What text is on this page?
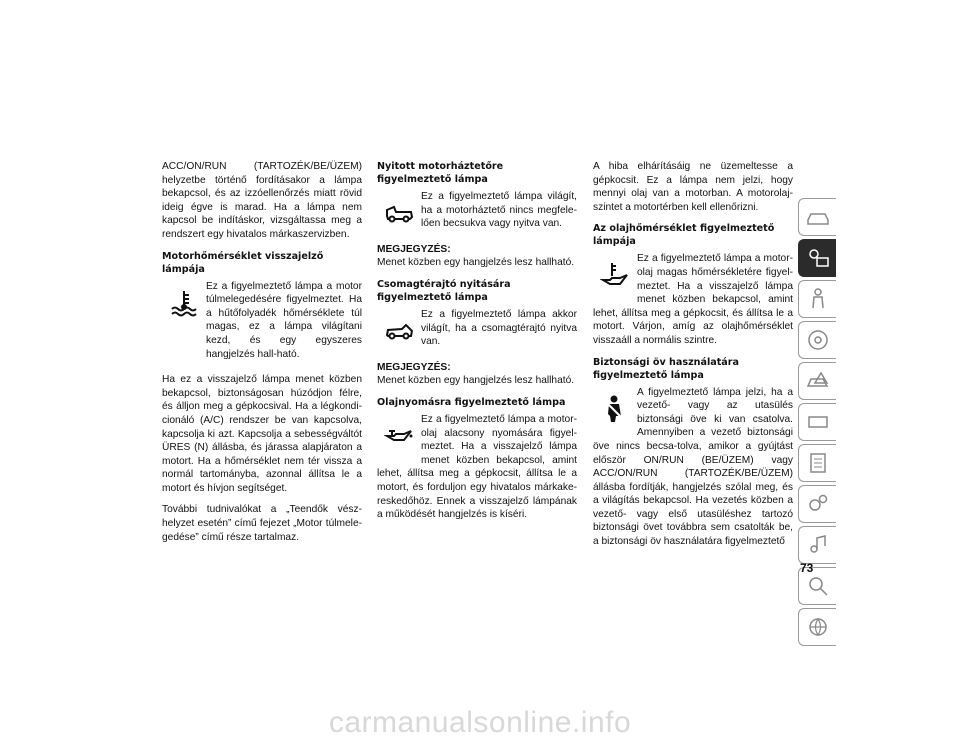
ACC/ON/RUN (TARTOZÉK/BE/ÜZEM) helyzetbe történő fordításakor a lámpa bekapcsol, és az izzóellenőrzés miatt rövid ideig égve is marad. Ha a lámpa nem kapcsol be indításkor, vizsgáltassa meg a rendszert egy hivatalos márkaszervizben.

Motorhőmérséklet visszajelző lámpája

Ez a figyelmeztető lámpa a motor túlmelegedésére figyelmeztet. Ha a hűtőfolyadék hőmérséklete túl magas, ez a lámpa világítani kezd, és egy egyszeres hangjelzés hall-ható.

Ha ez a visszajelző lámpa menet közben bekapcsol, biztonságosan húzódjon félre, és álljon meg a gépkocsival. Ha a légkondi-cionáló (A/C) rendszer be van kapcsolva, kapcsolja ki azt. Kapcsolja a sebességváltót ÜRES (N) állásba, és járassa alapjáraton a motort. Ha a hőmérséklet nem tér vissza a normál tartományba, azonnal állítsa le a motort és hívjon segítséget.

További tudnivalókat a „Teendők vész-helyzet esetén” című fejezet „Motor túlmele-gedése” című része tartalmaz.

Nyitott motorháztetőre figyelmeztető lámpa

Ez a figyelmeztető lámpa világít, ha a motorháztető nincs megfele-lően becsukva vagy nyitva van.

MEGJEGYZÉS:

Menet közben egy hangjelzés lesz hallható.

Csomagtérajtó nyitására figyelmeztető lámpa

Ez a figyelmeztető lámpa akkor világít, ha a csomagtérajtó nyitva van.

MEGJEGYZÉS:

Menet közben egy hangjelzés lesz hallható.

Olajnyomásra figyelmeztető lámpa

Ez a figyelmeztető lámpa a motor-olaj alacsony nyomására figyel-meztet. Ha a visszajelző lámpa menet közben bekapcsol, amint lehet, állítsa meg a gépkocsit, állítsa le a motort, és forduljon egy hivatalos márkake-reskedőhöz. Ennek a visszajelző lámpának a működését hangjelzés is kíséri.

A hiba elhárításáig ne üzemeltesse a gépkocsit. Ez a lámpa nem jelzi, hogy mennyi olaj van a motorban. A motorolaj-szintet a motortérben kell ellenőrizni.

Az olajhőmérséklet figyelmeztető lámpája

Ez a figyelmeztető lámpa a motor-olaj magas hőmérsékletére figyel-meztet. Ha a visszajelző lámpa menet közben bekapcsol, amint lehet, állítsa meg a gépkocsit, és állítsa le a motort. Várjon, amíg az olajhőmérséklet visszaáll a normális szintre.

Biztonsági öv használatára figyelmeztető lámpa

A figyelmeztető lámpa jelzi, ha a vezető- vagy az utasülés biztonsági öve ki van csatolva. Amennyiben a vezető biztonsági öve nincs becsa-tolva, amikor a gyújtást először ON/RUN (BE/ÜZEM) vagy ACC/ON/RUN (TARTOZÉK/BE/ÜZEM) állásba fordítják, hangjelzés szólal meg, és a világítás bekapcsol. Ha vezetés közben a vezető- vagy első utasüléshez tartozó biztonsági övet továbbra sem csatolták be, a biztonsági öv használatára figyelmeztető

73
carmanualsonline.info
